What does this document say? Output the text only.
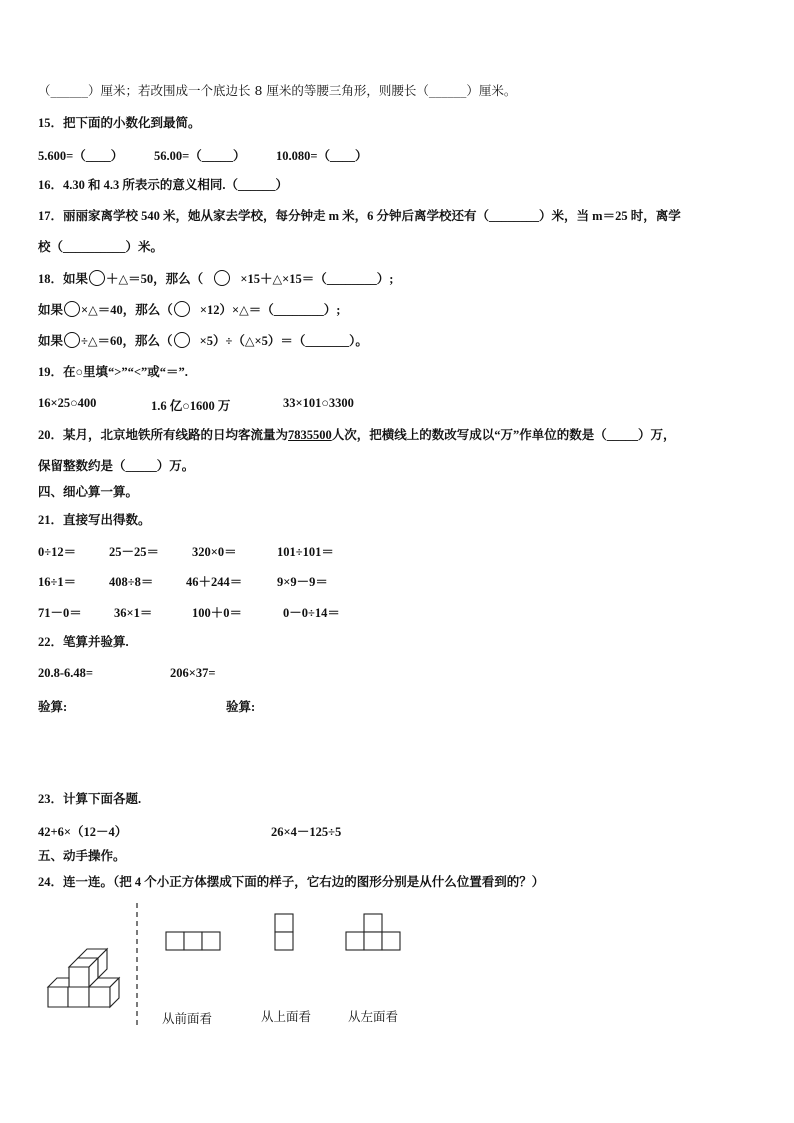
（______）厘米；若改围成一个底边长 8 厘米的等腰三角形，则腰长（______）厘米。
15．把下面的小数化到最简。
5.600=（____） 56.00=（_____） 10.080=（____）
16．4.30 和 4.3 所表示的意义相同.（______）
17．丽丽家离学校 540 米，她从家去学校，每分钟走 m 米，6 分钟后离学校还有（________）米，当 m＝25 时，离学
校（__________）米。
18．如果 ＋△＝50，那么（	×15＋△×15＝（________）;
如果 ×△＝40，那么（ ×12）×△＝（________）;
如果 ÷△＝60，那么（ ×5）÷（△×5）＝（_______）。
19．在○里填“>”“<”或“＝”.
16×25○400	1.6 亿○1600 万	33×101○3300
20．某月，北京地铁所有线路的日均客流量为7835500人次，把横线上的数改写成以“万”作单位的数是（_____）万，
保留整数约是（_____）万。
四、细心算一算。
21．直接写出得数。
0÷12＝	25－25＝	320×0＝	101÷101＝
16÷1＝	408÷8＝	46＋244＝	9×9－9＝
71－0＝	36×1＝	100＋0＝	0－0÷14＝
22．笔算并验算.
20.8-6.48=	206×37=
验算:	验算:
23．计算下面各题.
42+6×（12－4）	26×4－125÷5
五、动手操作。
24．连一连。（把 4 个小正方体摆成下面的样子，它右边的图形分别是从什么位置看到的？）
从前面看	从上面看	从左面看
